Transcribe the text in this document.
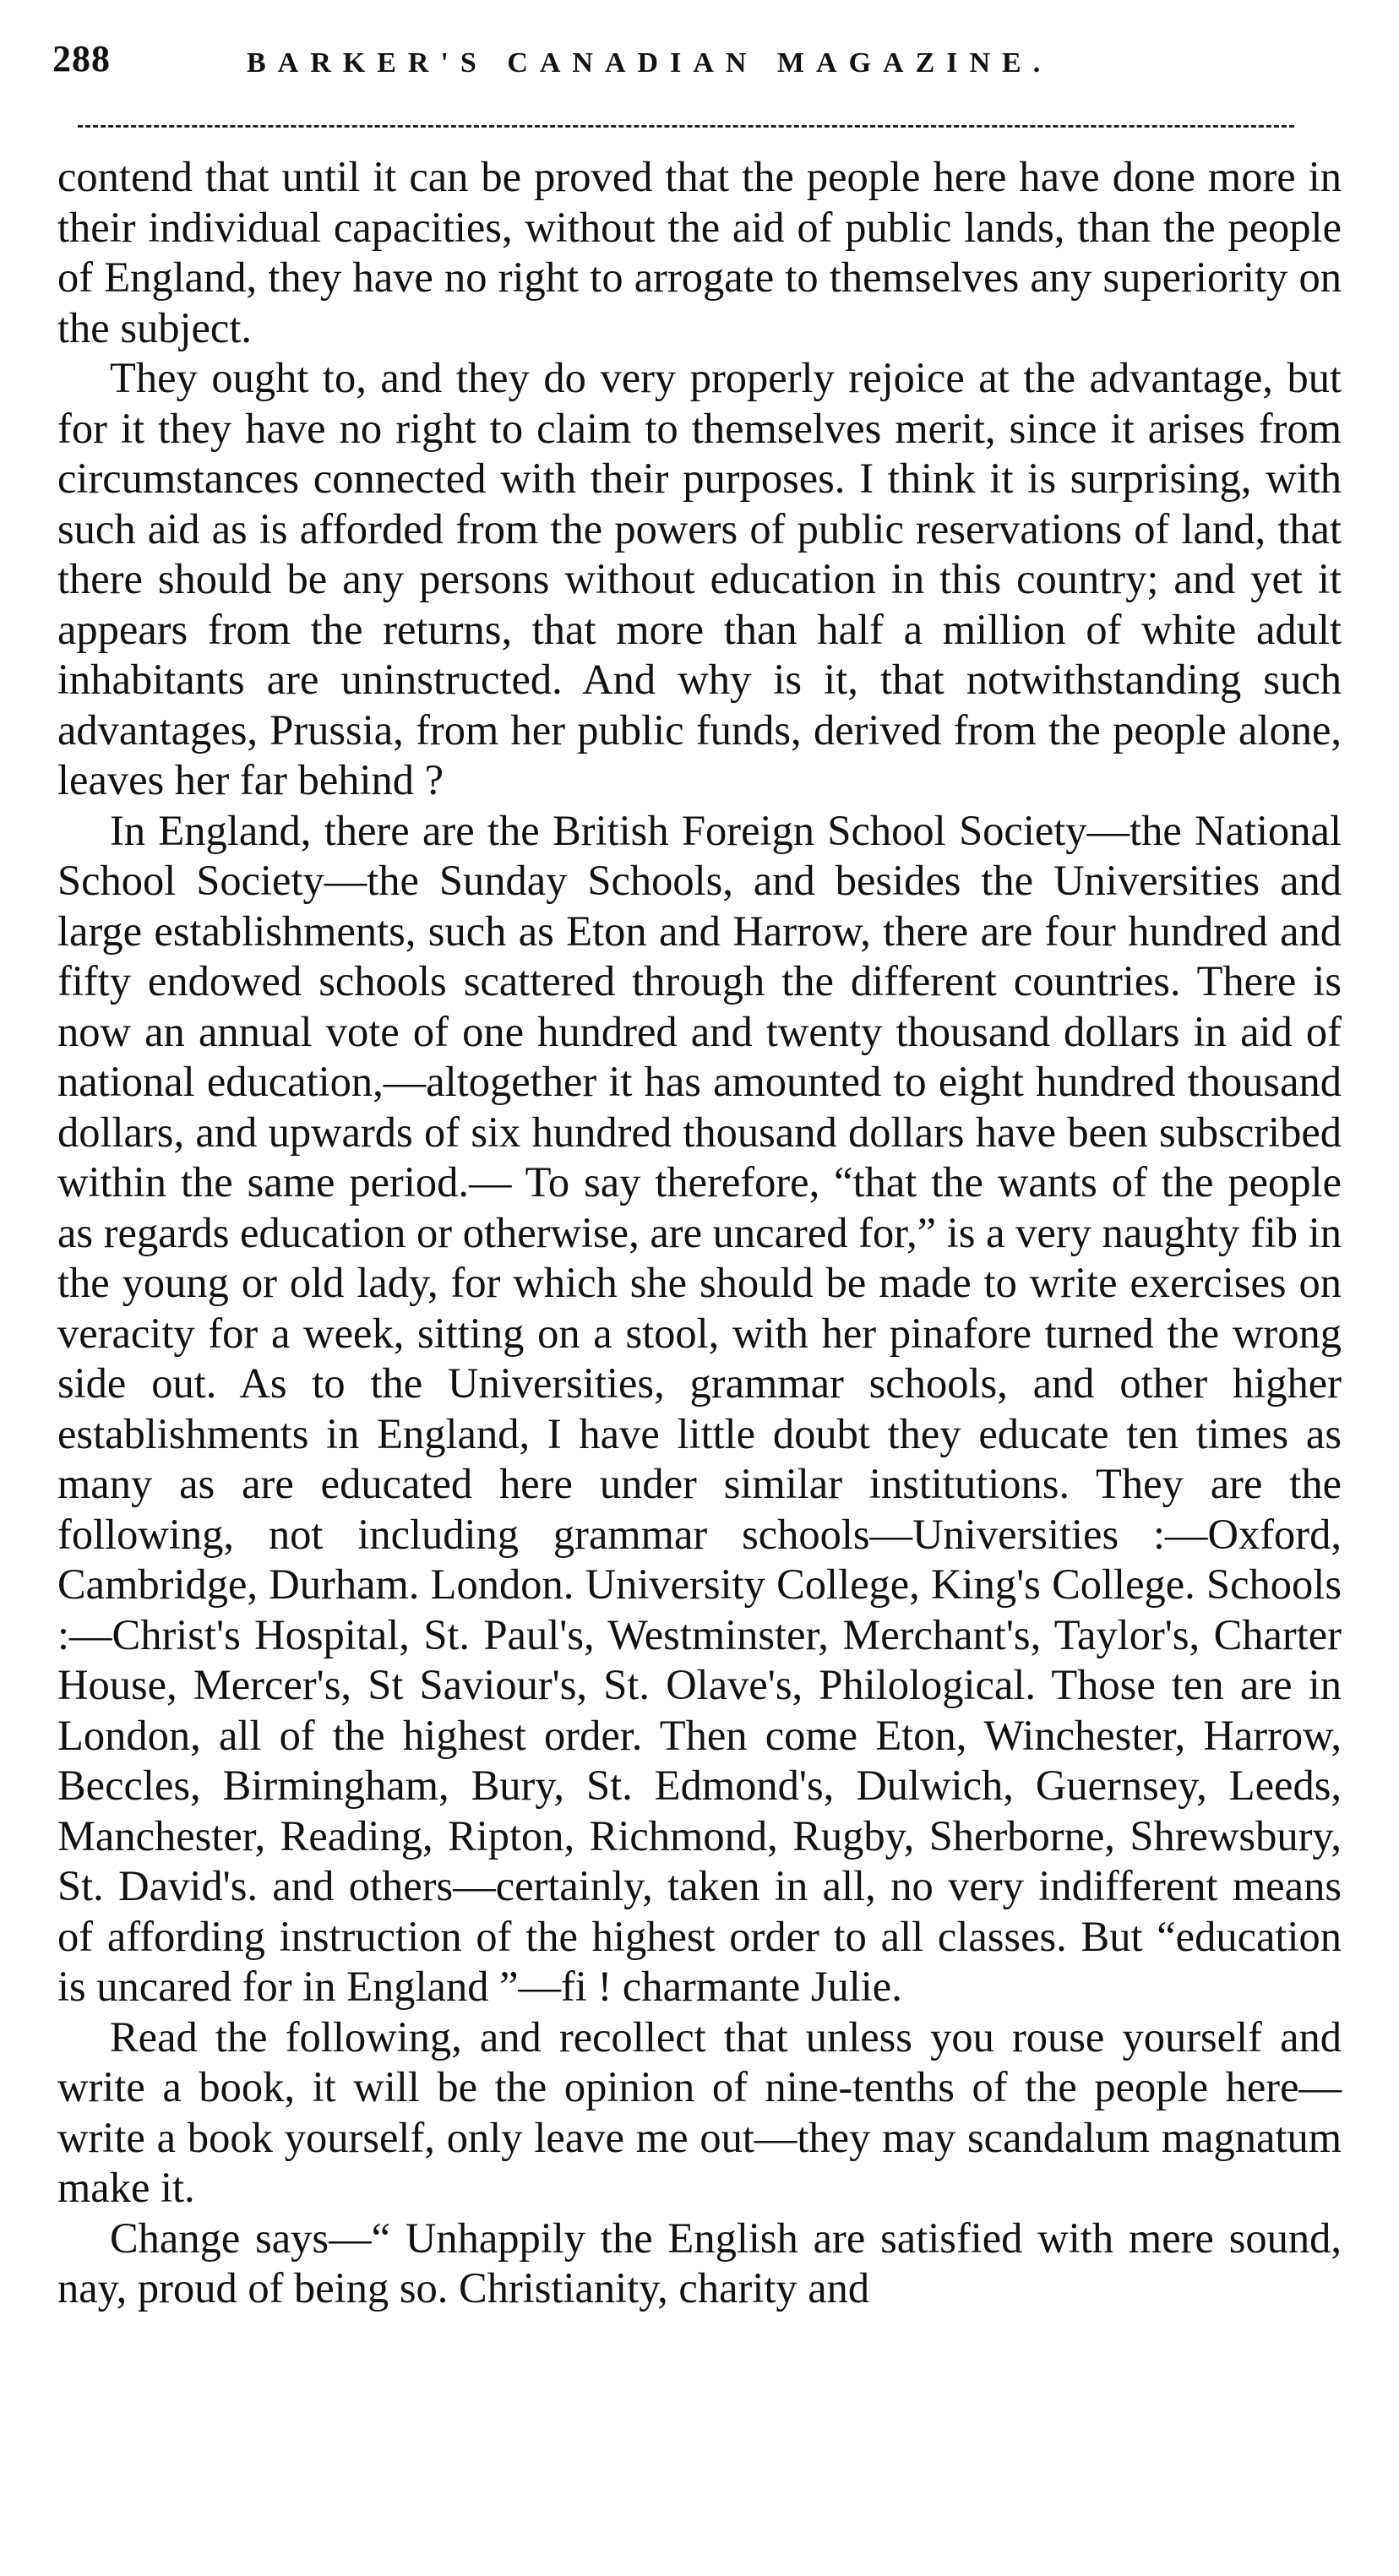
288	BARKER'S CANADIAN MAGAZINE.

contend that until it can be proved that the people here have done more in their individual capacities, without the aid of public lands, than the people of England, they have no right to arrogate to themselves any superiority on the subject.

They ought to, and they do very properly rejoice at the advantage, but for it they have no right to claim to themselves merit, since it arises from circumstances connected with their purposes. I think it is surprising, with such aid as is afforded from the powers of public reservations of land, that there should be any persons without education in this country; and yet it appears from the returns, that more than half a million of white adult inhabitants are uninstructed. And why is it, that notwithstanding such advantages, Prussia, from her public funds, derived from the people alone, leaves her far behind ?

In England, there are the British Foreign School Society—the National School Society—the Sunday Schools, and besides the Universities and large establishments, such as Eton and Harrow, there are four hundred and fifty endowed schools scattered through the different countries. There is now an annual vote of one hundred and twenty thousand dollars in aid of national education,—altogether it has amounted to eight hundred thousand dollars, and upwards of six hundred thousand dollars have been subscribed within the same period.— To say therefore, “that the wants of the people as regards education or otherwise, are uncared for,” is a very naughty fib in the young or old lady, for which she should be made to write exercises on veracity for a week, sitting on a stool, with her pinafore turned the wrong side out. As to the Universities, grammar schools, and other higher establishments in England, I have little doubt they educate ten times as many as are educated here under similar institutions. They are the following, not including grammar schools—Universities :—Oxford, Cambridge, Durham. London. University College, King's College. Schools :—Christ's Hospital, St. Paul's, Westminster, Merchant's, Taylor's, Charter House, Mercer's, St Saviour's, St. Olave's, Philological. Those ten are in London, all of the highest order. Then come Eton, Winchester, Harrow, Beccles, Birmingham, Bury, St. Edmond's, Dulwich, Guernsey, Leeds, Manchester, Reading, Ripton, Richmond, Rugby, Sherborne, Shrewsbury, St. David's. and others—certainly, taken in all, no very indifferent means of affording instruction of the highest order to all classes. But “education is uncared for in England ”—fi ! charmante Julie.

Read the following, and recollect that unless you rouse yourself and write a book, it will be the opinion of nine-tenths of the people here—write a book yourself, only leave me out—they may scandalum magnatum make it.

Change says—“ Unhappily the English are satisfied with mere sound, nay, proud of being so. Christianity, charity and
